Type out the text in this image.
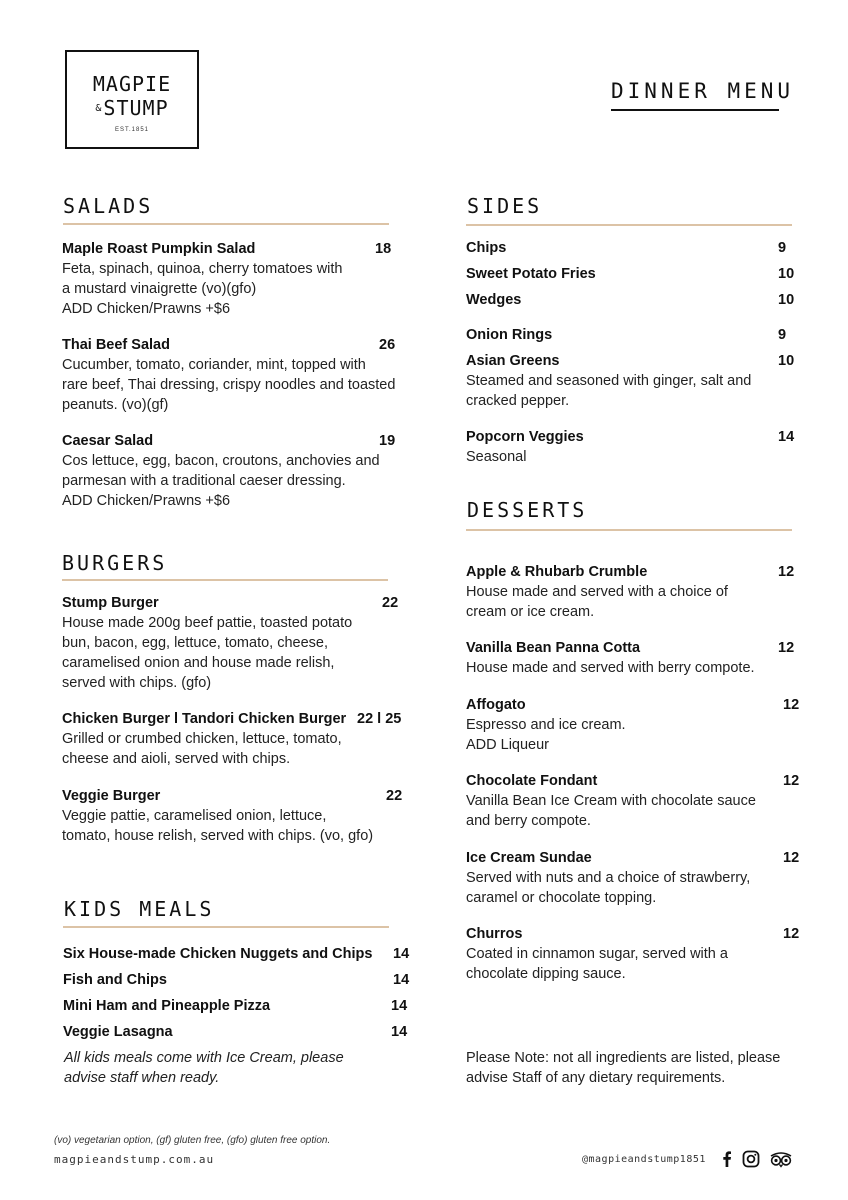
MAGPIE
&STUMP
EST.1851
DINNER MENU
SALADS
Maple Roast Pumpkin Salad	18
Feta, spinach, quinoa, cherry tomatoes with
a mustard vinaigrette (vo)(gfo)
ADD Chicken/Prawns +$6
Thai Beef Salad	26
Cucumber, tomato, coriander, mint, topped with
rare beef, Thai dressing, crispy noodles and toasted
peanuts. (vo)(gf)
Caesar Salad	19
Cos lettuce, egg, bacon, croutons, anchovies and
parmesan with a traditional caeser dressing.
ADD Chicken/Prawns +$6
BURGERS
Stump Burger	22
House made 200g beef pattie, toasted potato
bun, bacon, egg, lettuce, tomato, cheese,
caramelised onion and house made relish,
served with chips. (gfo)
Chicken Burger l Tandori Chicken Burger 22 l 25
Grilled or crumbed chicken, lettuce, tomato,
cheese and aioli, served with chips.
Veggie Burger	22
Veggie pattie, caramelised onion, lettuce,
tomato, house relish, served with chips. (vo, gfo)
KIDS MEALS
Six House-made Chicken Nuggets and Chips 14
Fish and Chips	14
Mini Ham and Pineapple Pizza	14
Veggie Lasagna	14
All kids meals come with Ice Cream, please
advise staff when ready.
SIDES
Chips	9
Sweet Potato Fries	10
Wedges	10
Onion Rings	9
Asian Greens	10
Steamed and seasoned with ginger, salt and
cracked pepper.
Popcorn Veggies	14
Seasonal
DESSERTS
Apple & Rhubarb Crumble	12
House made and served with a choice of
cream or ice cream.
Vanilla Bean Panna Cotta	12
House made and served with berry compote.
Affogato	12
Espresso and ice cream.
ADD Liqueur
Chocolate Fondant	12
Vanilla Bean Ice Cream with chocolate sauce
and berry compote.
Ice Cream Sundae	12
Served with nuts and a choice of strawberry,
caramel or chocolate topping.
Churros	12
Coated in cinnamon sugar, served with a
chocolate dipping sauce.
Please Note: not all ingredients are listed, please
advise Staff of any dietary requirements.
(vo) vegetarian option, (gf) gluten free, (gfo) gluten free option.
magpieandstump.com.au	@magpieandstump1851
